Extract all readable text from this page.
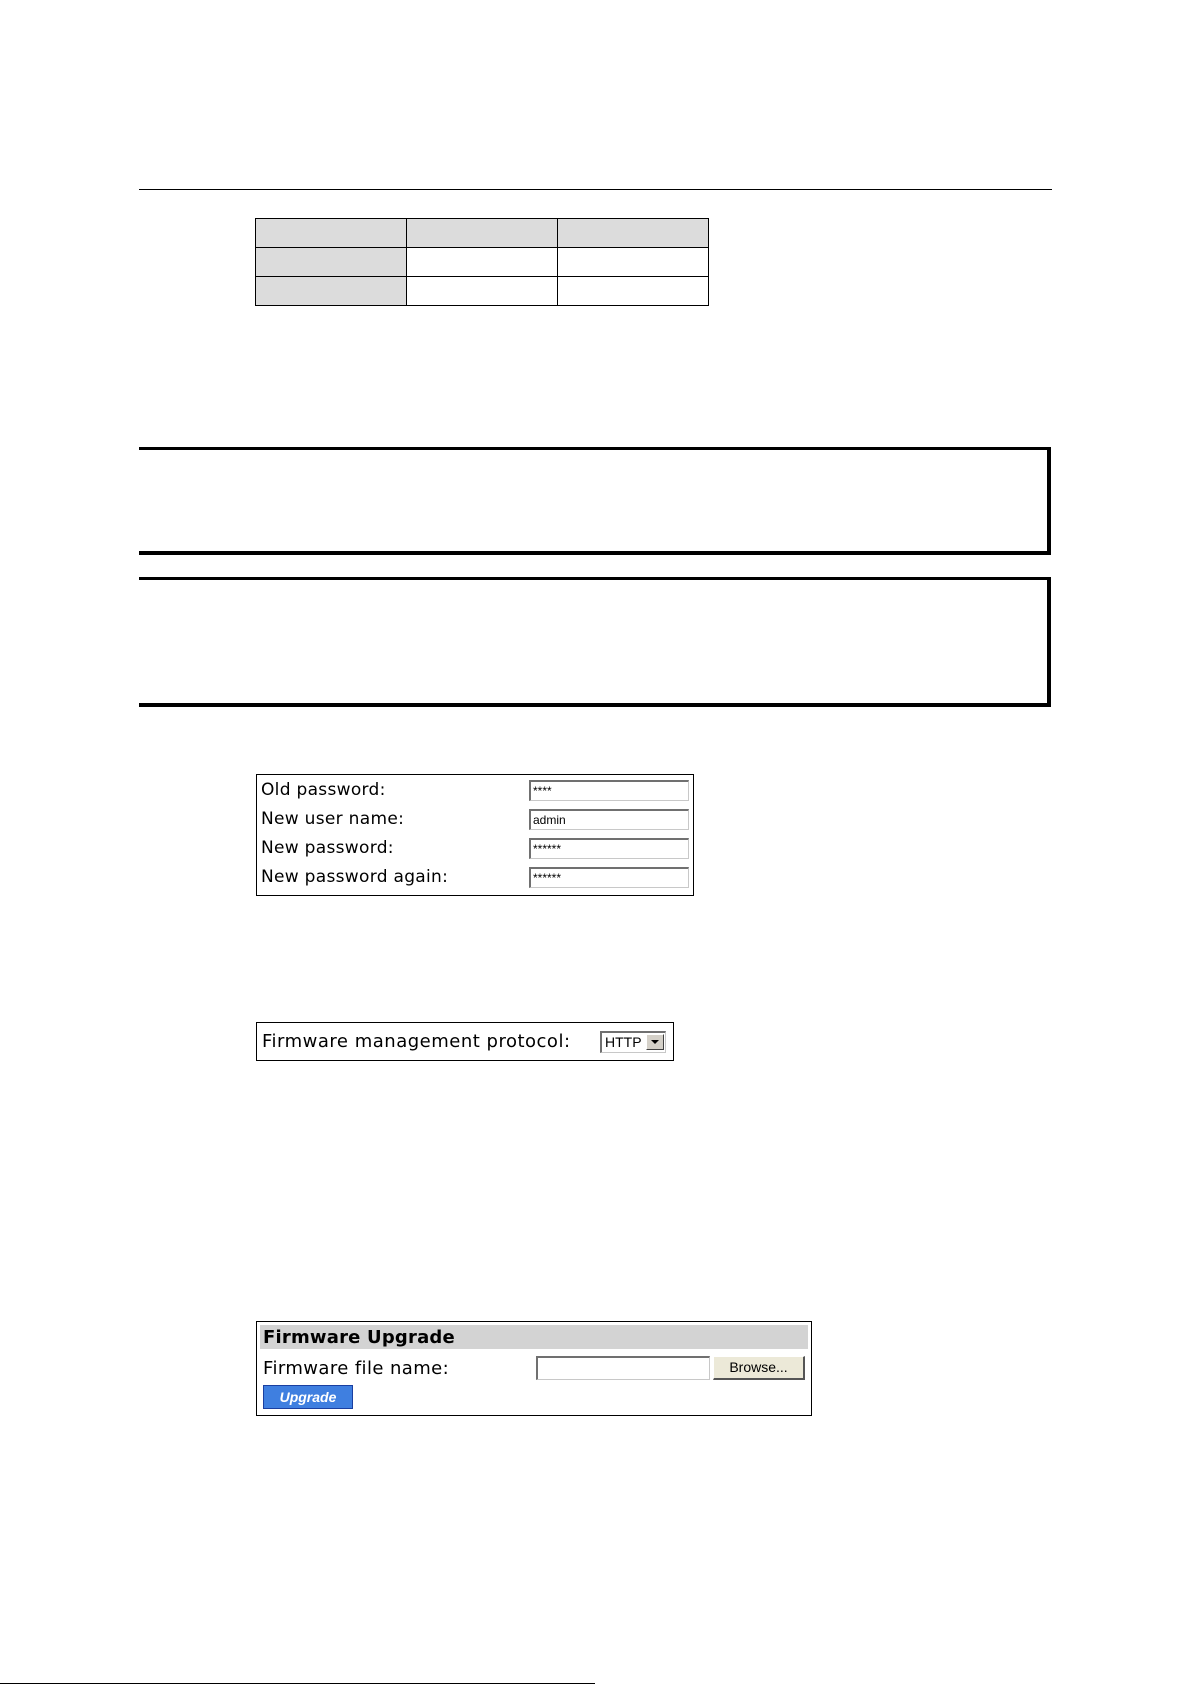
Old password:	****
New user name:	admin
New password:	******
New password again:	******
Firmware management protocol: HTTP
Firmware Upgrade
Firmware file name:	Browse...
Upgrade
